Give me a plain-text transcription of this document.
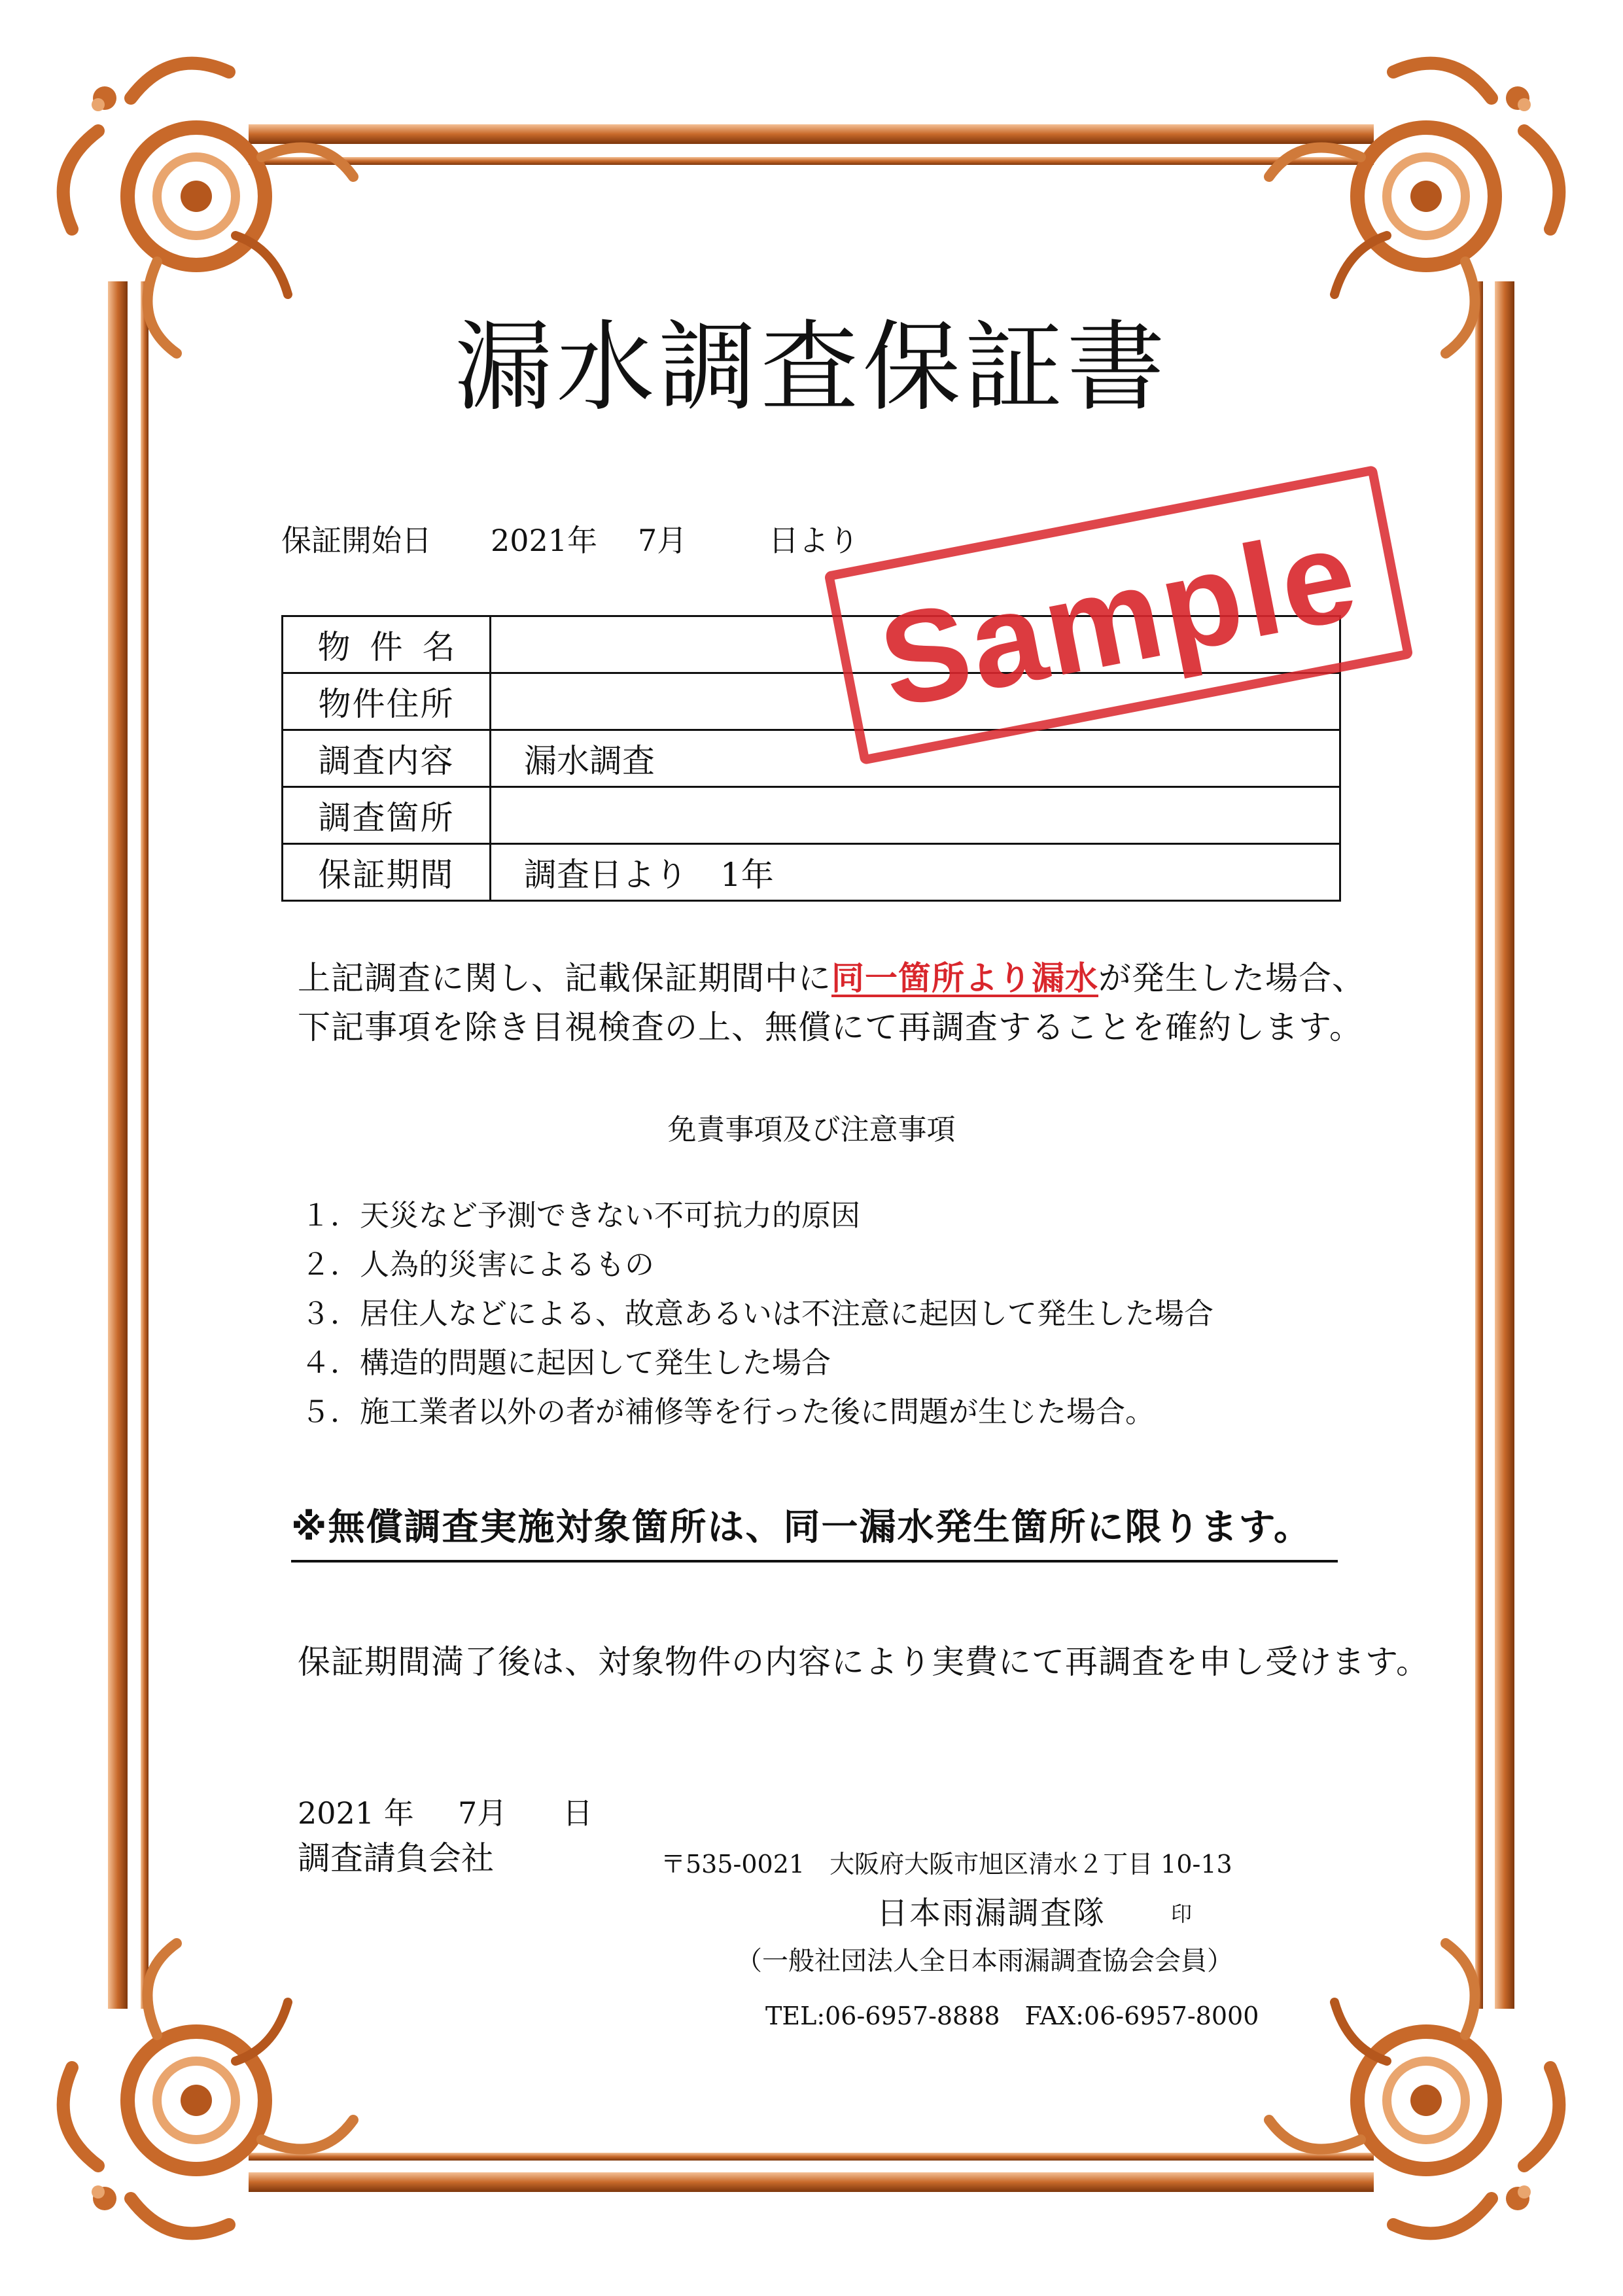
漏水調査保証書
保証開始日 2021年 7月	日より
物件名	
物件住所	
調査内容	漏水調査
調査箇所	
保証期間	調査日より　1年
Sample
上記調査に関し、記載保証期間中に同一箇所より漏水が発生した場合、
下記事項を除き目視検査の上、無償にて再調査することを確約します。
免責事項及び注意事項
１．天災など予測できない不可抗力的原因
２．人為的災害によるもの
３．居住人などによる、故意あるいは不注意に起因して発生した場合
４．構造的問題に起因して発生した場合
５．施工業者以外の者が補修等を行った後に問題が生じた場合。
※無償調査実施対象箇所は、同一漏水発生箇所に限ります。
保証期間満了後は、対象物件の内容により実費にて再調査を申し受けます。
2021 年 7月 日
調査請負会社	〒535-0021　大阪府大阪市旭区清水２丁目 10-13
日本雨漏調査隊	印
（一般社団法人全日本雨漏調査協会会員）
TEL:06-6957-8888　FAX:06-6957-8000
